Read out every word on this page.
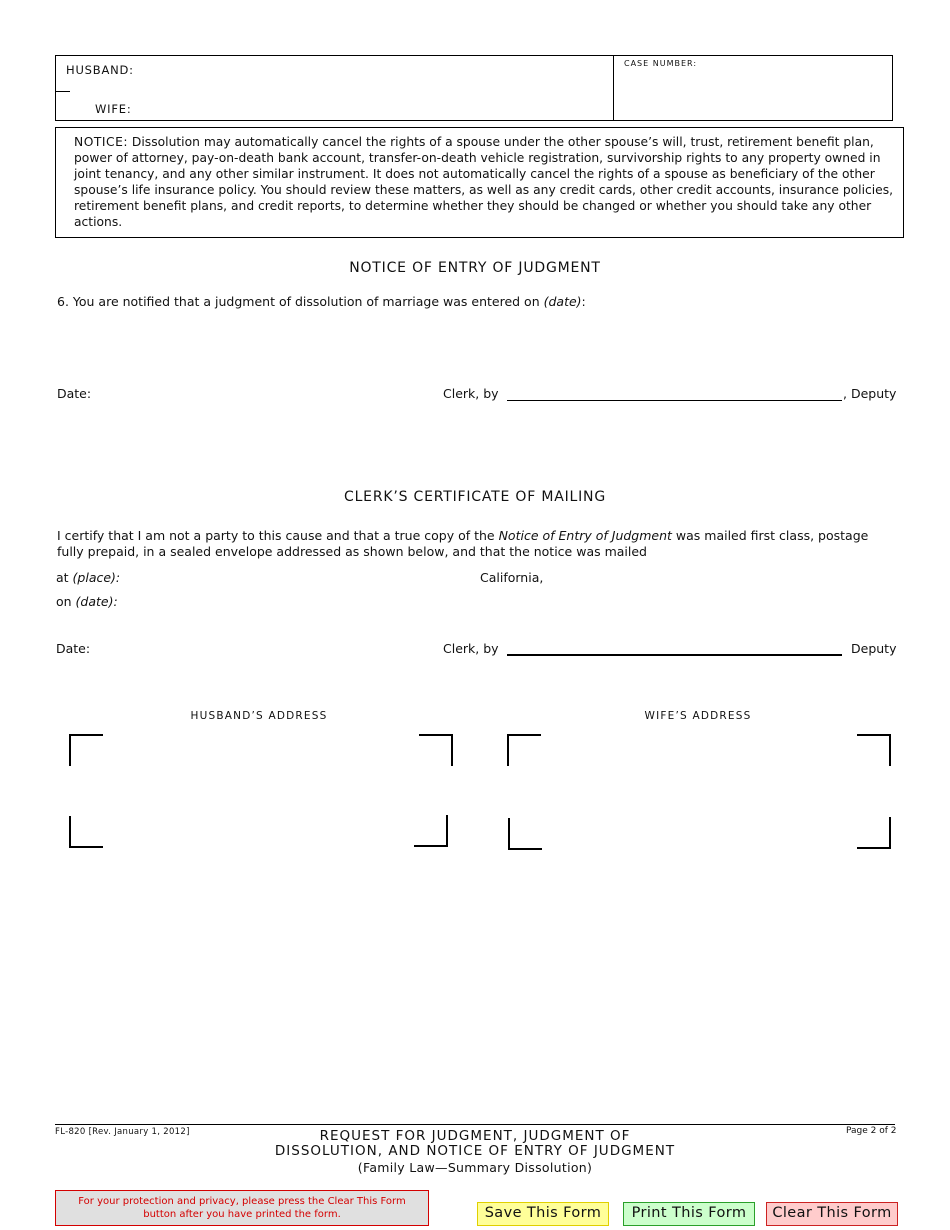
HUSBAND:
WIFE:
CASE NUMBER:
NOTICE: Dissolution may automatically cancel the rights of a spouse under the other spouse’s will, trust, retirement benefit plan, power of attorney, pay-on-death bank account, transfer-on-death vehicle registration, survivorship rights to any property owned in joint tenancy, and any other similar instrument. It does not automatically cancel the rights of a spouse as beneficiary of the other spouse’s life insurance policy. You should review these matters, as well as any credit cards, other credit accounts, insurance policies, retirement benefit plans, and credit reports, to determine whether they should be changed or whether you should take any other actions.
NOTICE OF ENTRY OF JUDGMENT
6. You are notified that a judgment of dissolution of marriage was entered on (date):
Date:	Clerk, by	, Deputy
CLERK’S CERTIFICATE OF MAILING
I certify that I am not a party to this cause and that a true copy of the Notice of Entry of Judgment was mailed first class, postage fully prepaid, in a sealed envelope addressed as shown below, and that the notice was mailed
at (place):	California,
on (date):
Date:	Clerk, by	Deputy
HUSBAND’S ADDRESS	WIFE’S ADDRESS
FL-820 [Rev. January 1, 2012]	Page 2 of 2
REQUEST FOR JUDGMENT, JUDGMENT OF
DISSOLUTION, AND NOTICE OF ENTRY OF JUDGMENT
(Family Law—Summary Dissolution)
For your protection and privacy, please press the Clear This Form button after you have printed the form.	Save This Form	Print This Form	Clear This Form
